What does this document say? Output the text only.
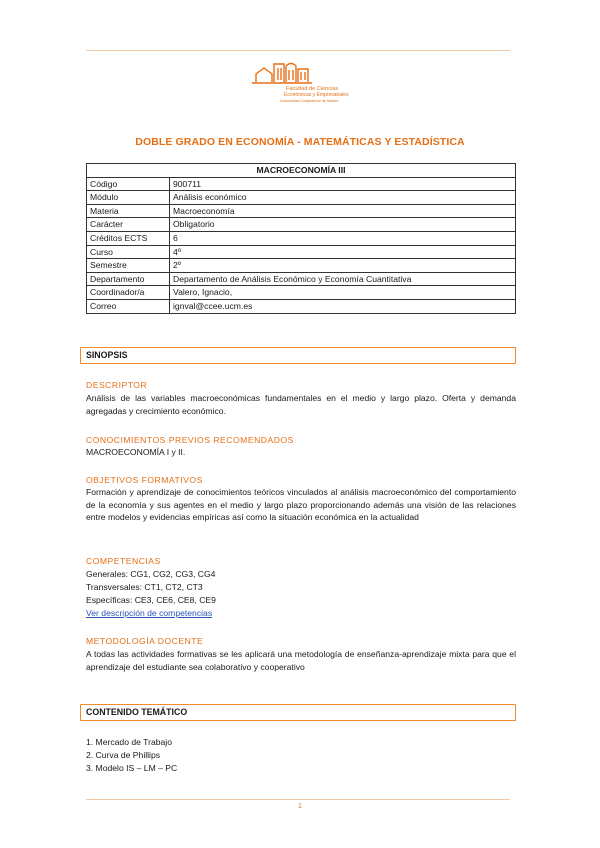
Facultad de Ciencias
Económicas y Empresariales
Universidad Complutense de Madrid
DOBLE GRADO EN ECONOMÍA - MATEMÁTICAS Y ESTADÍSTICA
MACROECONOMÍA III	
Código	900711
Módulo	Análisis económico
Materia	Macroeconomía
Carácter	Obligatorio
Créditos ECTS	6
Curso	4º
Semestre	2º
Departamento	Departamento de Análisis Económico y Economía Cuantitativa
Coordinador/a	Valero, Ignacio,
Correo	ignval@ccee.ucm.es
SINOPSIS
DESCRIPTOR
Análisis de las variables macroeconómicas fundamentales en el medio y largo plazo. Oferta y demanda agregadas y crecimiento económico.
CONOCIMIENTOS PREVIOS RECOMENDADOS
MACROECONOMÍA I y II.
OBJETIVOS FORMATIVOS
Formación y aprendizaje de conocimientos teóricos vinculados al análisis macroeconómico del comportamiento de la economía y sus agentes en el medio y largo plazo proporcionando además una visión de las relaciones entre modelos y evidencias empíricas así como la situación económica en la actualidad
COMPETENCIAS
Generales: CG1, CG2, CG3, CG4
Transversales: CT1, CT2, CT3
Específicas: CE3, CE6, CE8, CE9
Ver descripción de competencias
METODOLOGÍA DOCENTE
A todas las actividades formativas se les aplicará una metodología de enseñanza-aprendizaje mixta para que el aprendizaje del estudiante sea colaborativo y cooperativo
CONTENIDO TEMÁTICO
1. Mercado de Trabajo
2. Curva de Phillips
3. Modelo IS – LM – PC
1
